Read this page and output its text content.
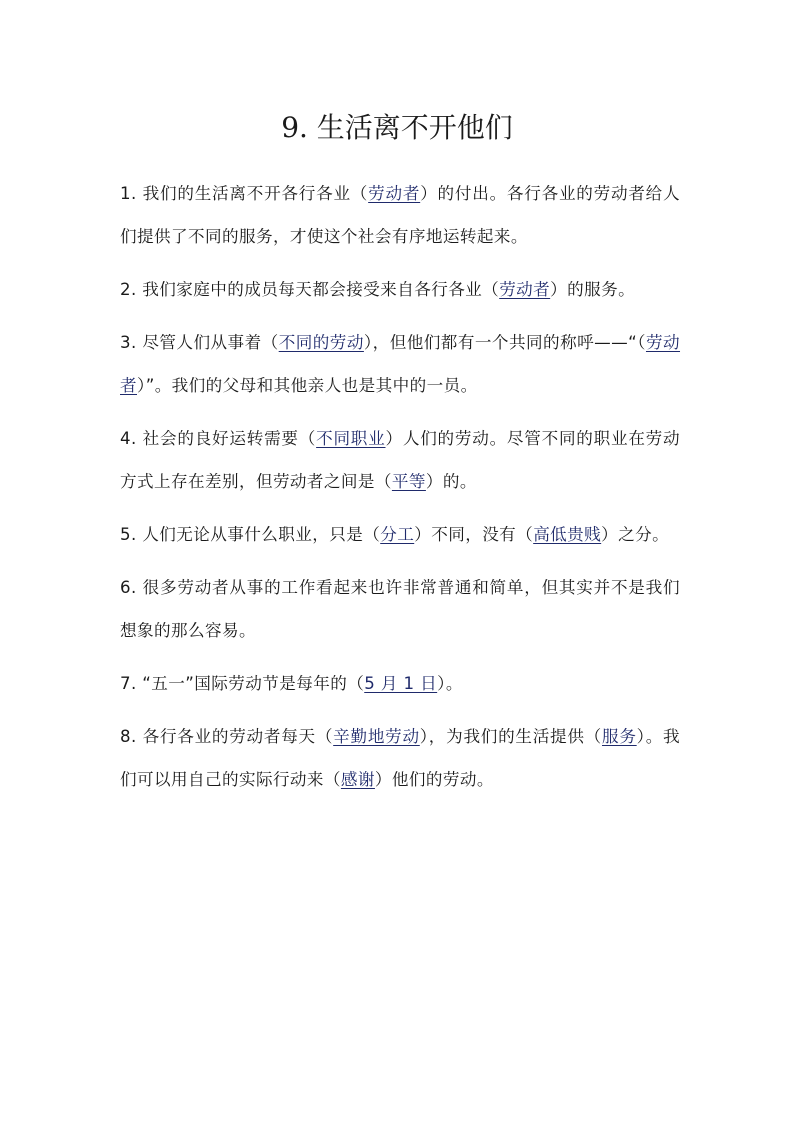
9. 生活离不开他们

1. 我们的生活离不开各行各业（劳动者）的付出。各行各业的劳动者给人们提供了不同的服务，才使这个社会有序地运转起来。

2. 我们家庭中的成员每天都会接受来自各行各业（劳动者）的服务。

3. 尽管人们从事着（不同的劳动），但他们都有一个共同的称呼——“（劳动者）”。我们的父母和其他亲人也是其中的一员。

4. 社会的良好运转需要（不同职业）人们的劳动。尽管不同的职业在劳动方式上存在差别，但劳动者之间是（平等）的。

5. 人们无论从事什么职业，只是（分工）不同，没有（高低贵贱）之分。

6. 很多劳动者从事的工作看起来也许非常普通和简单，但其实并不是我们想象的那么容易。

7. “五一”国际劳动节是每年的（5 月 1 日）。

8. 各行各业的劳动者每天（辛勤地劳动），为我们的生活提供（服务）。我们可以用自己的实际行动来（感谢）他们的劳动。
